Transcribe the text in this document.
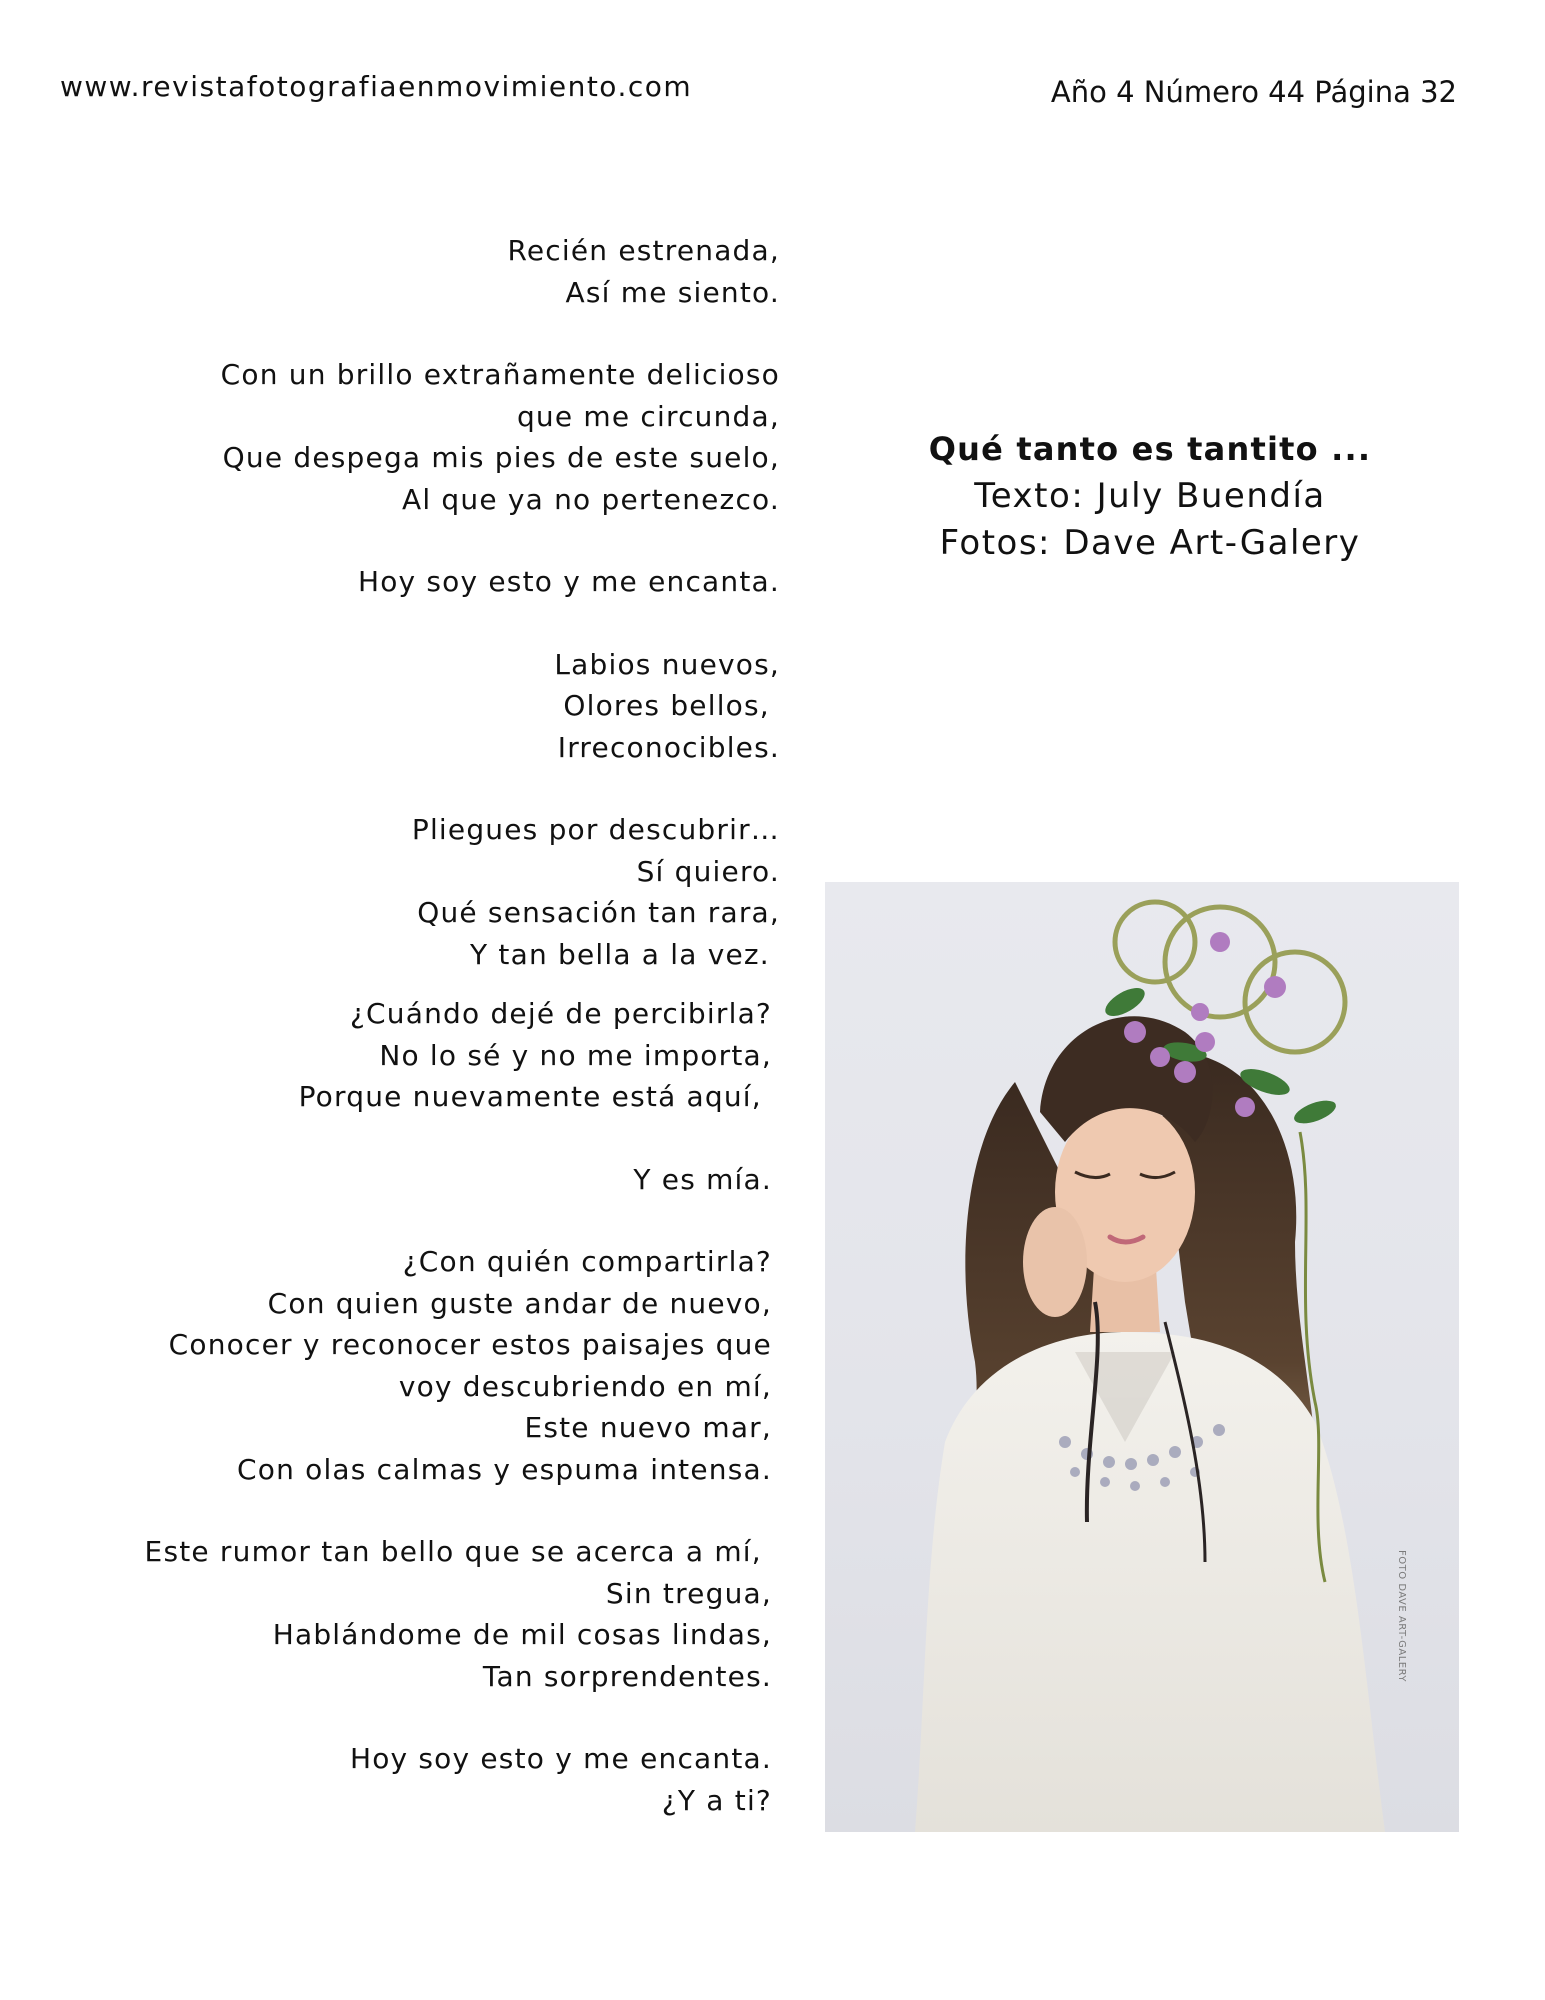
www.revistafotografiaenmovimiento.com	Año 4 Número 44 Página 32
Recién estrenada,
Así me siento.
Con un brillo extrañamente delicioso
que me circunda,
Que despega mis pies de este suelo,
Al que ya no pertenezco.
Hoy soy esto y me encanta.
Labios nuevos,
Olores bellos,
Irreconocibles.
Pliegues por descubrir…
Sí quiero.
Qué sensación tan rara,
Y tan bella a la vez.
¿Cuándo dejé de percibirla?
No lo sé y no me importa,
Porque nuevamente está aquí,
Y es mía.
¿Con quién compartirla?
Con quien guste andar de nuevo,
Conocer y reconocer estos paisajes que
voy descubriendo en mí,
Este nuevo mar,
Con olas calmas y espuma intensa.
Este rumor tan bello que se acerca a mí,
Sin tregua,
Hablándome de mil cosas lindas,
Tan sorprendentes.
Hoy soy esto y me encanta.
¿Y a ti?
Qué tanto es tantito ...
Texto: July Buendía
Fotos: Dave Art-Galery
FOTO DAVE ART-GALERY
